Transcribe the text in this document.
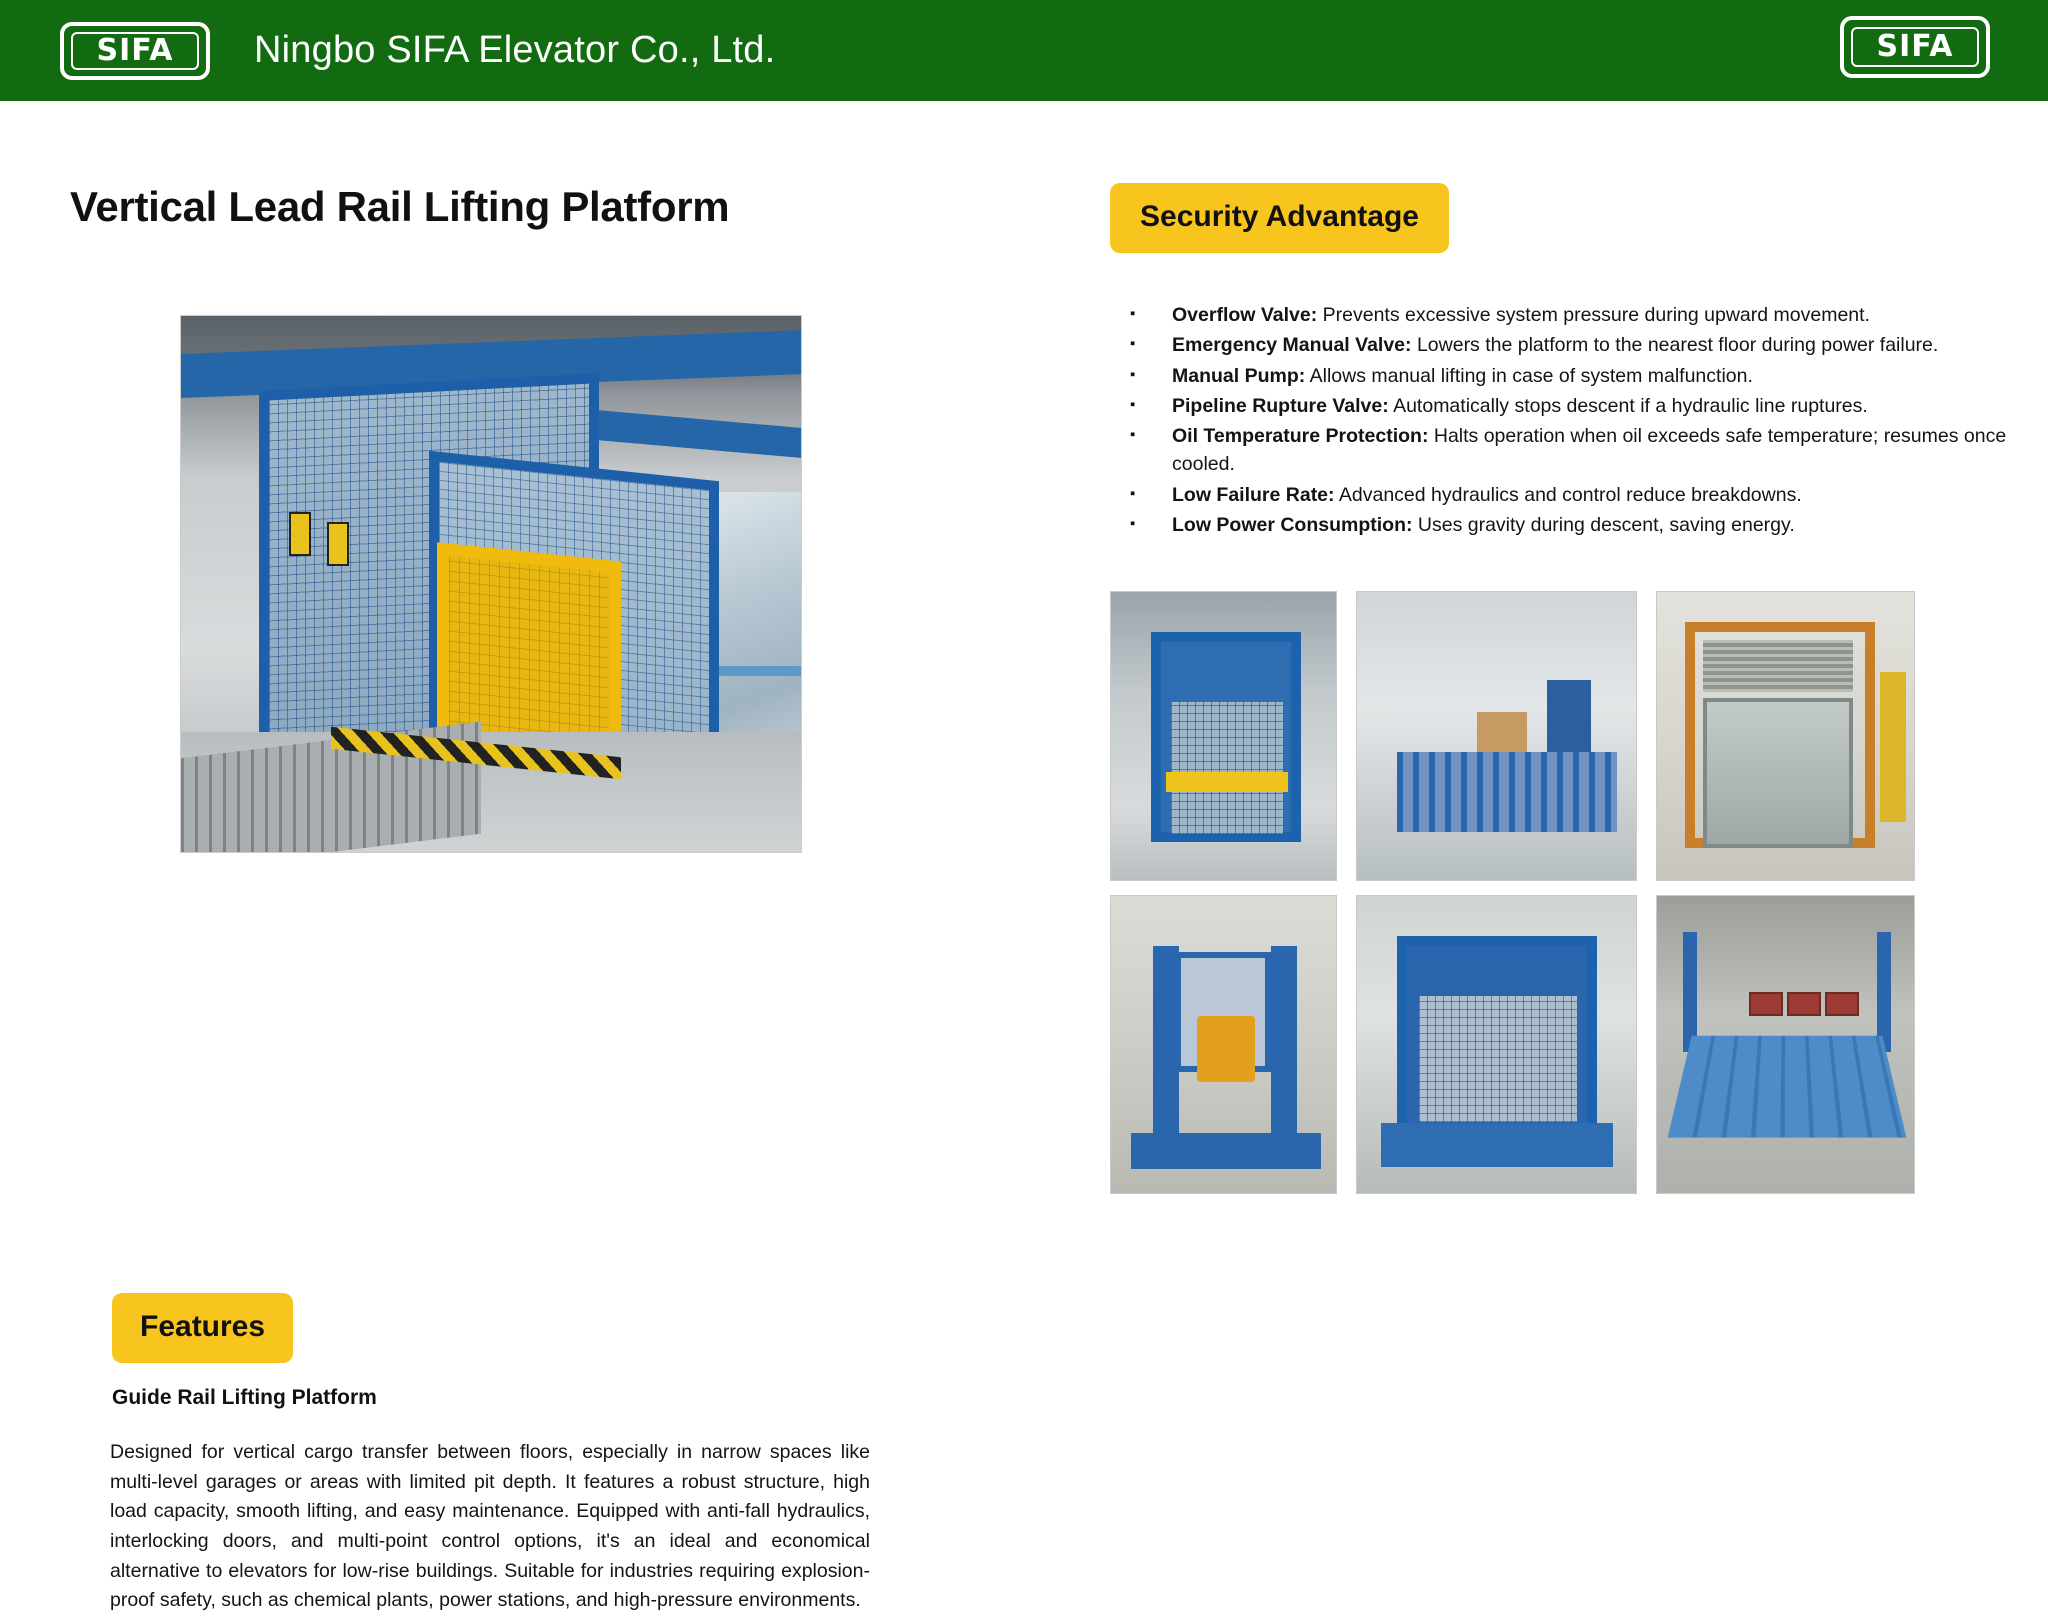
SIFA Ningbo SIFA Elevator Co., Ltd.	SIFA
Vertical Lead Rail Lifting Platform
Features
Guide Rail Lifting Platform
Designed for vertical cargo transfer between floors, especially in narrow spaces like multi-level garages or areas with limited pit depth. It features a robust structure, high load capacity, smooth lifting, and easy maintenance. Equipped with anti-fall hydraulics, interlocking doors, and multi-point control options, it's an ideal and economical alternative to elevators for low-rise buildings. Suitable for industries requiring explosion-proof safety, such as chemical plants, power stations, and high-pressure environments.
Security Advantage
▪	Overflow Valve: Prevents excessive system pressure during upward movement.
▪	Emergency Manual Valve: Lowers the platform to the nearest floor during power failure.
▪	Manual Pump: Allows manual lifting in case of system malfunction.
▪	Pipeline Rupture Valve: Automatically stops descent if a hydraulic line ruptures.
▪	Oil Temperature Protection: Halts operation when oil exceeds safe temperature; resumes once cooled.
▪	Low Failure Rate: Advanced hydraulics and control reduce breakdowns.
▪	Low Power Consumption: Uses gravity during descent, saving energy.
